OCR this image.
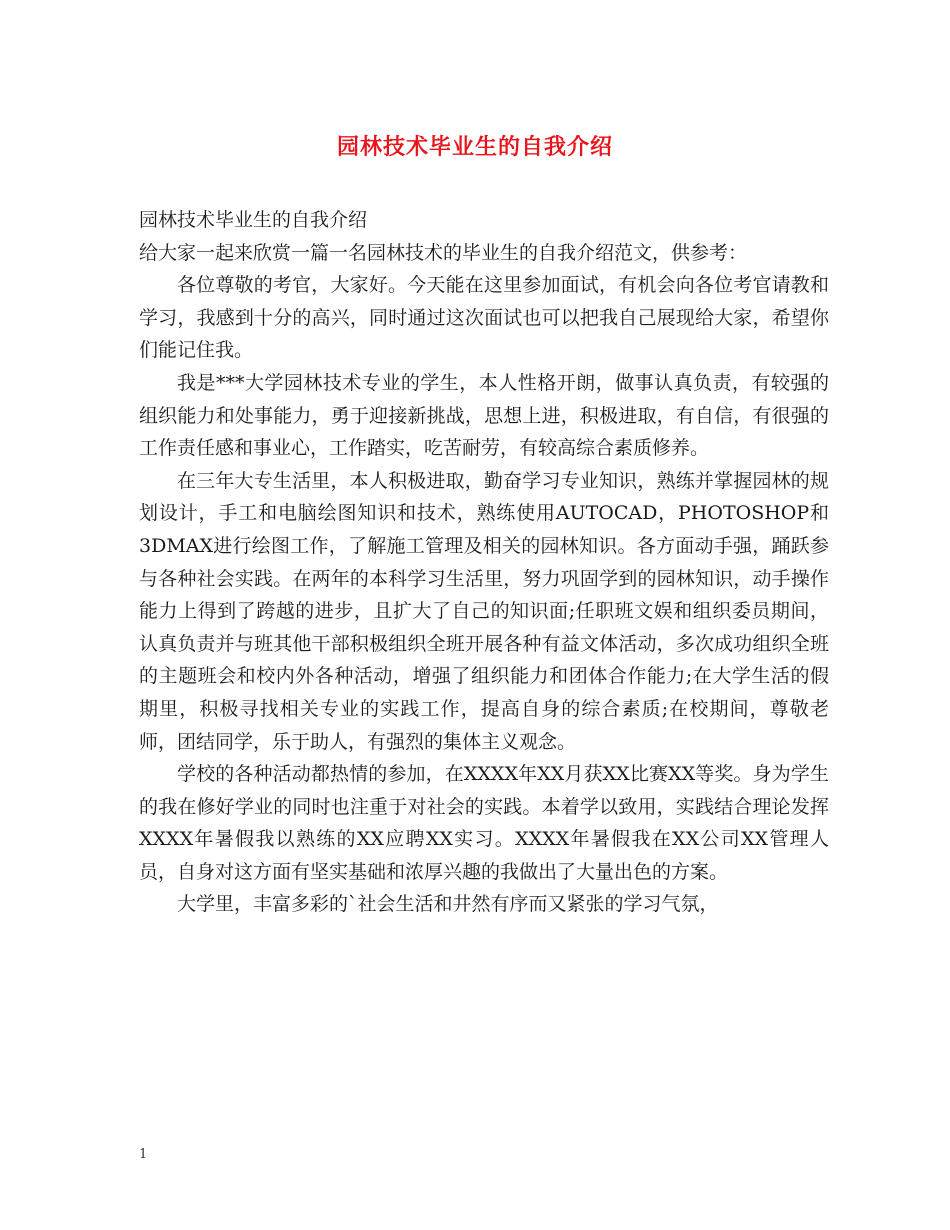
园林技术毕业生的自我介绍

园林技术毕业生的自我介绍

给大家一起来欣赏一篇一名园林技术的毕业生的自我介绍范文，供参考：

各位尊敬的考官，大家好。今天能在这里参加面试，有机会向各位考官请教和学习，我感到十分的高兴，同时通过这次面试也可以把我自己展现给大家，希望你们能记住我。

我是***大学园林技术专业的学生，本人性格开朗，做事认真负责，有较强的组织能力和处事能力，勇于迎接新挑战，思想上进，积极进取，有自信，有很强的工作责任感和事业心，工作踏实，吃苦耐劳，有较高综合素质修养。

在三年大专生活里，本人积极进取，勤奋学习专业知识，熟练并掌握园林的规划设计，手工和电脑绘图知识和技术，熟练使用AUTOCAD，PHOTOSHOP和3DMAX进行绘图工作，了解施工管理及相关的园林知识。各方面动手强，踊跃参与各种社会实践。在两年的本科学习生活里，努力巩固学到的园林知识，动手操作能力上得到了跨越的进步，且扩大了自己的知识面;任职班文娱和组织委员期间，认真负责并与班其他干部积极组织全班开展各种有益文体活动，多次成功组织全班的主题班会和校内外各种活动，增强了组织能力和团体合作能力;在大学生活的假期里，积极寻找相关专业的实践工作，提高自身的综合素质;在校期间，尊敬老师，团结同学，乐于助人，有强烈的集体主义观念。

学校的各种活动都热情的参加，在XXXX年XX月获XX比赛XX等奖。身为学生的我在修好学业的同时也注重于对社会的实践。本着学以致用，实践结合理论发挥XXXX年暑假我以熟练的XX应聘XX实习。XXXX年暑假我在XX公司XX管理人员，自身对这方面有坚实基础和浓厚兴趣的我做出了大量出色的方案。

大学里，丰富多彩的`社会生活和井然有序而又紧张的学习气氛，

1
